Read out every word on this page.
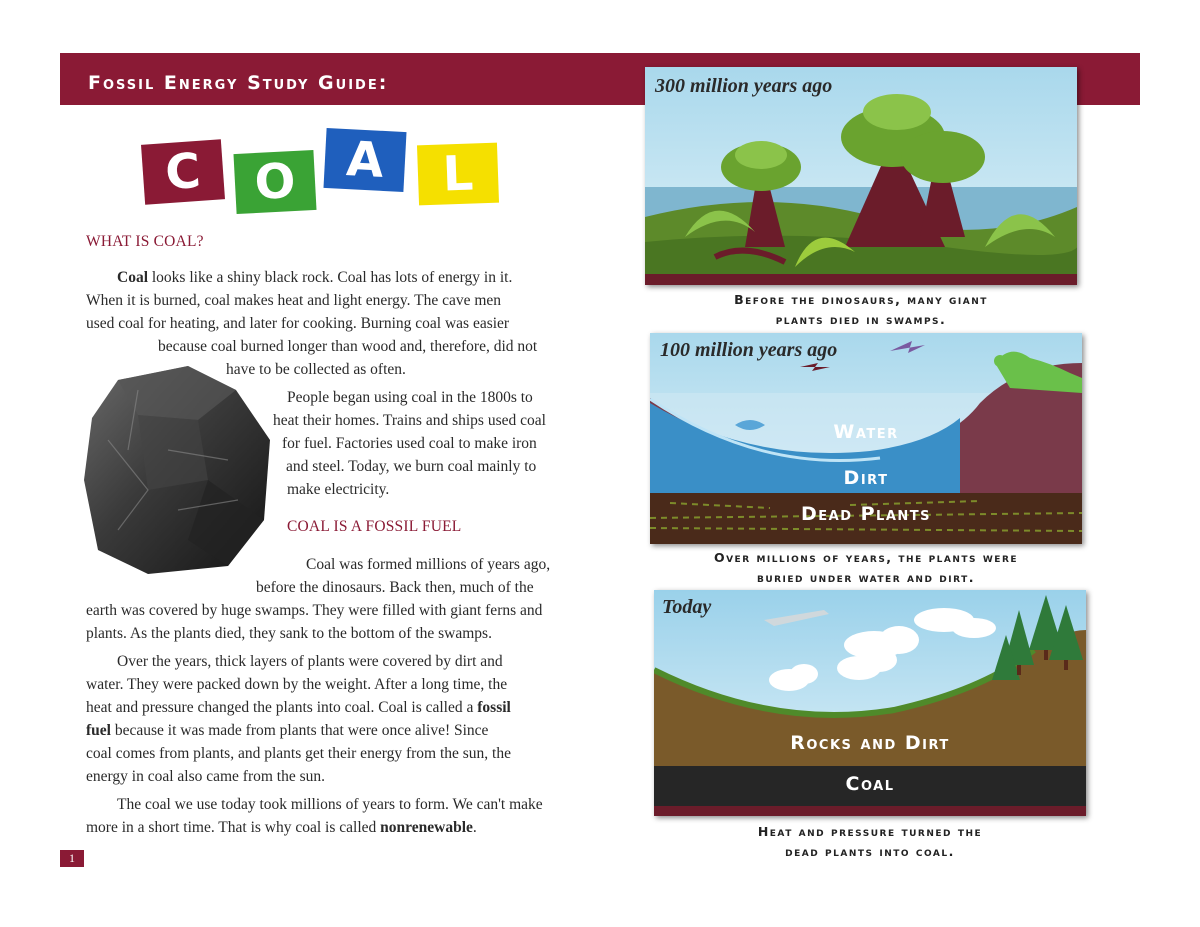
Fossil Energy Study Guide:
C O A L
WHAT IS COAL?

Coal looks like a shiny black rock. Coal has lots of energy in it.

When it is burned, coal makes heat and light energy. The cave men

used coal for heating, and later for cooking. Burning coal was easier

because coal burned longer than wood and, therefore, did not

have to be collected as often.

People began using coal in the 1800s to

heat their homes. Trains and ships used coal

for fuel. Factories used coal to make iron

and steel. Today, we burn coal mainly to

make electricity.

COAL IS A FOSSIL FUEL

Coal was formed millions of years ago,

before the dinosaurs. Back then, much of the

earth was covered by huge swamps. They were filled with giant ferns and

plants. As the plants died, they sank to the bottom of the swamps.

Over the years, thick layers of plants were covered by dirt and

water. They were packed down by the weight. After a long time, the

heat and pressure changed the plants into coal. Coal is called a fossil

fuel because it was made from plants that were once alive! Since

coal comes from plants, and plants get their energy from the sun, the

energy in coal also came from the sun.

The coal we use today took millions of years to form. We can't make

more in a short time. That is why coal is called nonrenewable.

1
300 million years ago
Before the dinosaurs, many giant
plants died in swamps.
100 million years ago
Water
Dirt
Dead Plants
Over millions of years, the plants were
buried under water and dirt.
Today
Rocks and Dirt
Coal
Heat and pressure turned the
dead plants into coal.
